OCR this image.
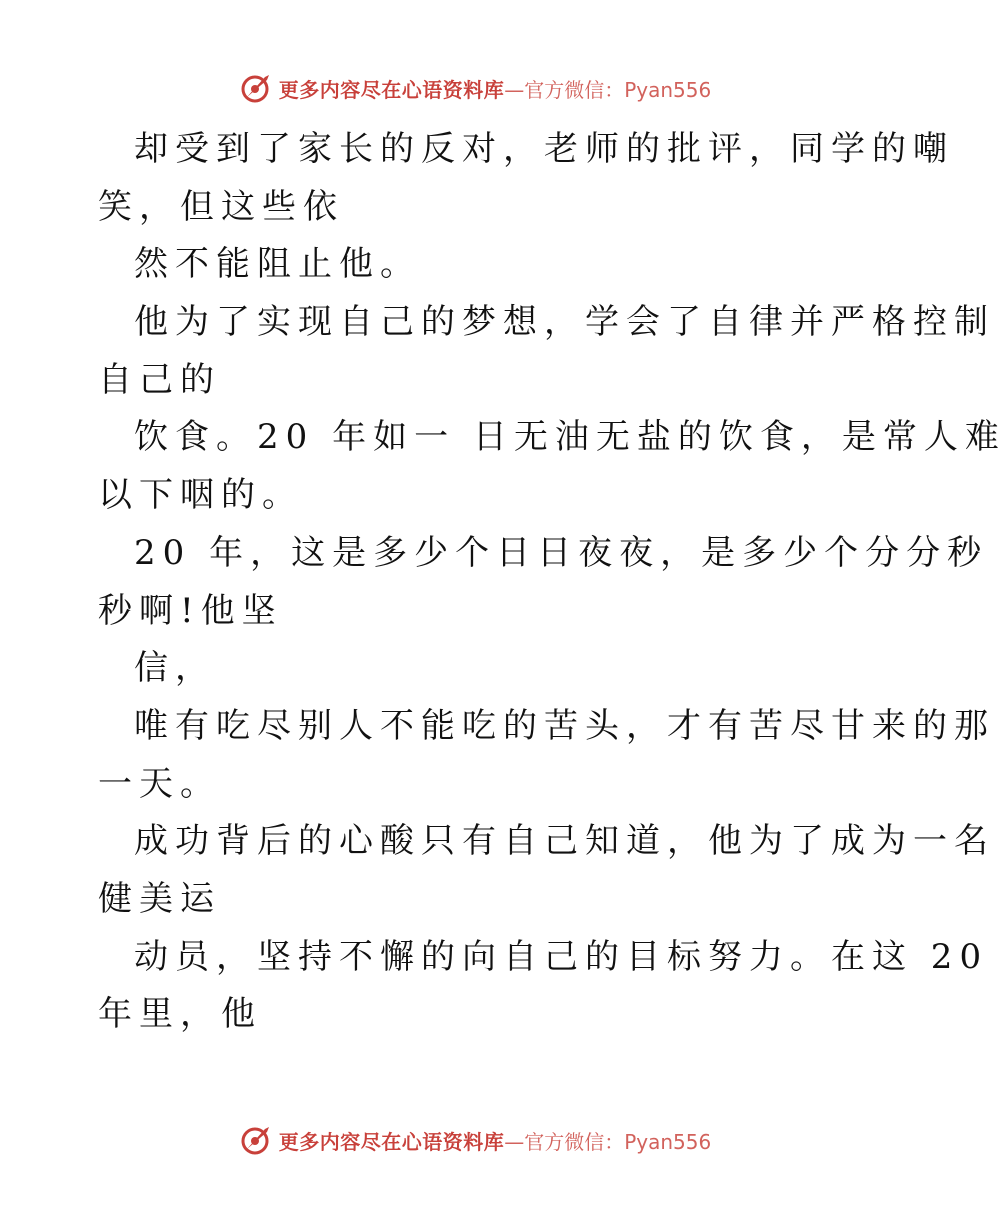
更多内容尽在心语资料库 —官方微信：Pyan556
却受到了家长的反对，老师的批评，同学的嘲
笑，但这些依
然不能阻止他。
他为了实现自己的梦想，学会了自律并严格控制
自己的
饮食。20 年如一 日无油无盐的饮食，是常人难
以下咽的。
20 年，这是多少个日日夜夜，是多少个分分秒
秒啊!他坚
信，
唯有吃尽别人不能吃的苦头，才有苦尽甘来的那
一天。
成功背后的心酸只有自己知道，他为了成为一名
健美运
动员，坚持不懈的向自己的目标努力。在这 20
年里，他
更多内容尽在心语资料库 —官方微信：Pyan556
